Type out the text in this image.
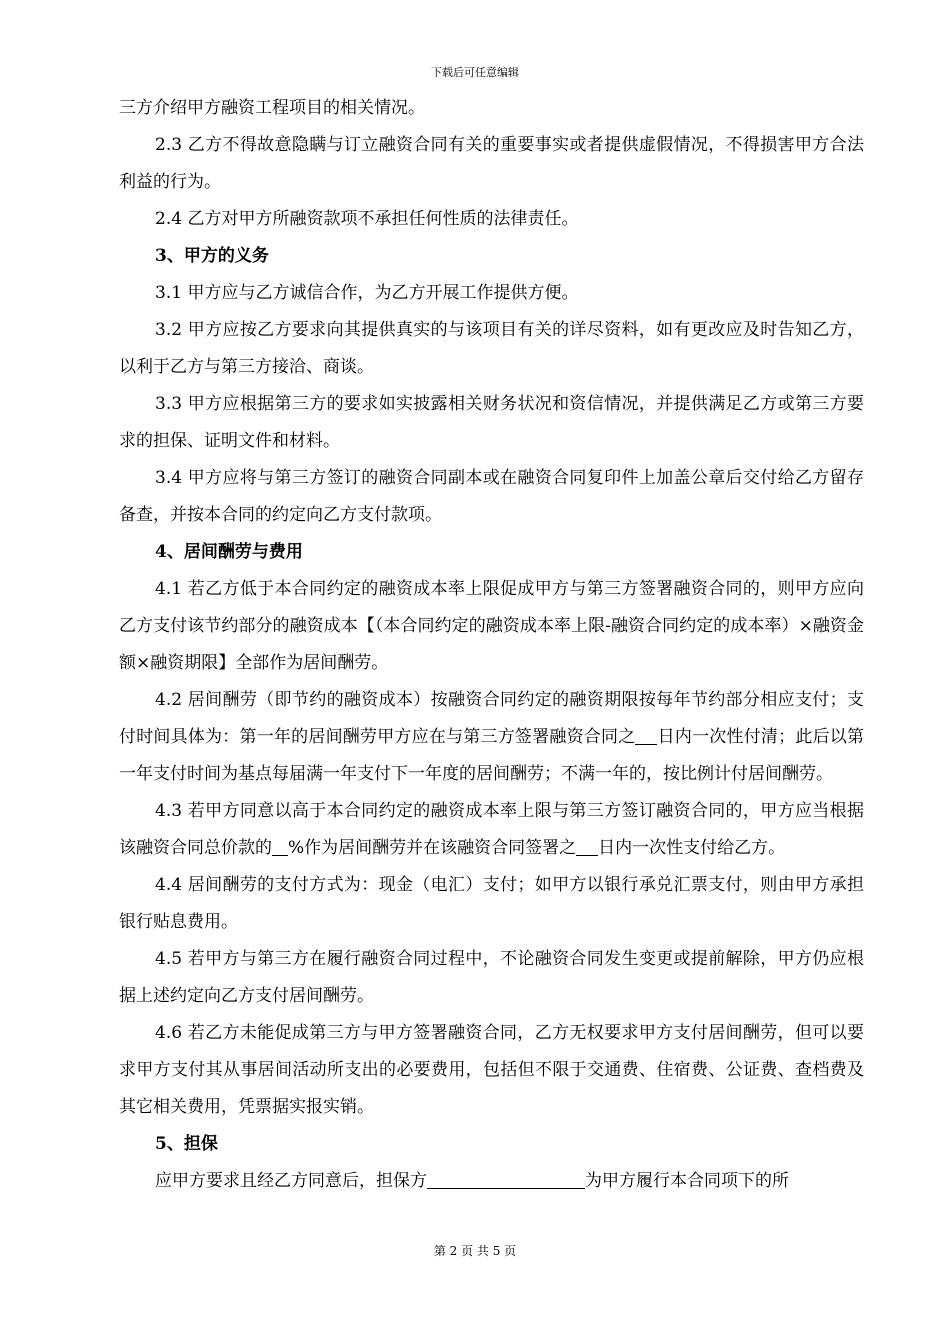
下载后可任意编辑

三方介绍甲方融资工程项目的相关情况。

2.3 乙方不得故意隐瞒与订立融资合同有关的重要事实或者提供虚假情况，不得损害甲方合法利益的行为。

2.4 乙方对甲方所融资款项不承担任何性质的法律责任。

3、甲方的义务

3.1 甲方应与乙方诚信合作，为乙方开展工作提供方便。

3.2 甲方应按乙方要求向其提供真实的与该项目有关的详尽资料，如有更改应及时告知乙方，以利于乙方与第三方接洽、商谈。

3.3 甲方应根据第三方的要求如实披露相关财务状况和资信情况，并提供满足乙方或第三方要求的担保、证明文件和材料。

3.4 甲方应将与第三方签订的融资合同副本或在融资合同复印件上加盖公章后交付给乙方留存备查，并按本合同的约定向乙方支付款项。

4、居间酬劳与费用

4.1 若乙方低于本合同约定的融资成本率上限促成甲方与第三方签署融资合同的，则甲方应向乙方支付该节约部分的融资成本【（本合同约定的融资成本率上限-融资合同约定的成本率）×融资金额×融资期限】全部作为居间酬劳。

4.2 居间酬劳（即节约的融资成本）按融资合同约定的融资期限按每年节约部分相应支付；支付时间具体为：第一年的居间酬劳甲方应在与第三方签署融资合同之 日内一次性付清；此后以第一年支付时间为基点每届满一年支付下一年度的居间酬劳；不满一年的，按比例计付居间酬劳。

4.3 若甲方同意以高于本合同约定的融资成本率上限与第三方签订融资合同的，甲方应当根据该融资合同总价款的 %作为居间酬劳并在该融资合同签署之 日内一次性支付给乙方。

4.4 居间酬劳的支付方式为：现金（电汇）支付；如甲方以银行承兑汇票支付，则由甲方承担银行贴息费用。

4.5 若甲方与第三方在履行融资合同过程中，不论融资合同发生变更或提前解除，甲方仍应根据上述约定向乙方支付居间酬劳。

4.6 若乙方未能促成第三方与甲方签署融资合同，乙方无权要求甲方支付居间酬劳，但可以要求甲方支付其从事居间活动所支出的必要费用，包括但不限于交通费、住宿费、公证费、查档费及其它相关费用，凭票据实报实销。

5、担保

应甲方要求且经乙方同意后，担保方	为甲方履行本合同项下的所

第 2 页 共 5 页
